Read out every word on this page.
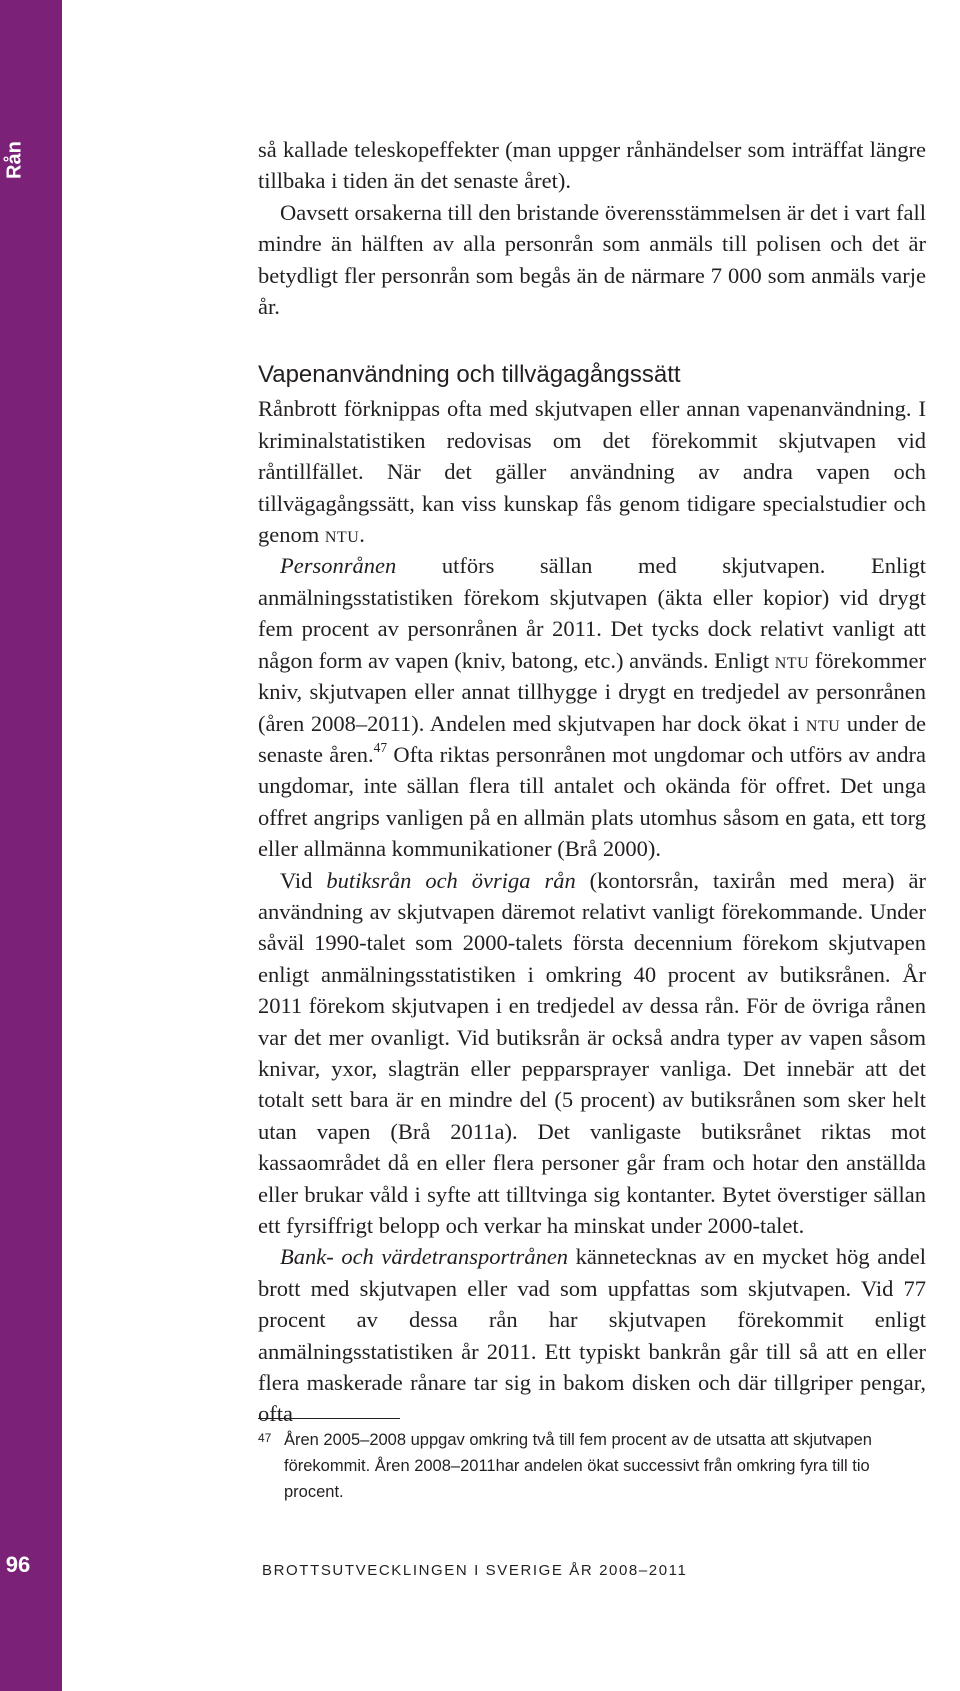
Rån
96

så kallade teleskopeffekter (man uppger rånhändelser som inträffat längre tillbaka i tiden än det senaste året).

Oavsett orsakerna till den bristande överensstämmelsen är det i vart fall mindre än hälften av alla personrån som anmäls till polisen och det är betydligt fler personrån som begås än de närmare 7 000 som anmäls varje år.

Vapenanvändning och tillvägagångssätt

Rånbrott förknippas ofta med skjutvapen eller annan vapenanvändning. I kriminalstatistiken redovisas om det förekommit skjutvapen vid råntillfället. När det gäller användning av andra vapen och tillvägagångssätt, kan viss kunskap fås genom tidigare specialstudier och genom ntu.

Personrånen utförs sällan med skjutvapen. Enligt anmälningsstatistiken förekom skjutvapen (äkta eller kopior) vid drygt fem procent av personrånen år 2011. Det tycks dock relativt vanligt att någon form av vapen (kniv, batong, etc.) används. Enligt ntu förekommer kniv, skjutvapen eller annat tillhygge i drygt en tredjedel av personrånen (åren 2008–2011). Andelen med skjutvapen har dock ökat i ntu under de senaste åren.$^{47}$ Ofta riktas personrånen mot ungdomar och utförs av andra ungdomar, inte sällan flera till antalet och okända för offret. Det unga offret angrips vanligen på en allmän plats utomhus såsom en gata, ett torg eller allmänna kommunikationer (Brå 2000).

Vid butiksrån och övriga rån (kontorsrån, taxirån med mera) är användning av skjutvapen däremot relativt vanligt förekommande. Under såväl 1990-talet som 2000-talets första decennium förekom skjutvapen enligt anmälningsstatistiken i omkring 40 procent av butiksrånen. År 2011 förekom skjutvapen i en tredjedel av dessa rån. För de övriga rånen var det mer ovanligt. Vid butiksrån är också andra typer av vapen såsom knivar, yxor, slagträn eller pepparsprayer vanliga. Det innebär att det totalt sett bara är en mindre del (5 procent) av butiksrånen som sker helt utan vapen (Brå 2011a). Det vanligaste butiksrånet riktas mot kassaområdet då en eller flera personer går fram och hotar den anställda eller brukar våld i syfte att tilltvinga sig kontanter. Bytet överstiger sällan ett fyrsiffrigt belopp och verkar ha minskat under 2000-talet.

Bank- och värdetransportrånen kännetecknas av en mycket hög andel brott med skjutvapen eller vad som uppfattas som skjutvapen. Vid 77 procent av dessa rån har skjutvapen förekommit enligt anmälningsstatistiken år 2011. Ett typiskt bankrån går till så att en eller flera maskerade rånare tar sig in bakom disken och där tillgriper pengar, ofta

47 Åren 2005–2008 uppgav omkring två till fem procent av de utsatta att skjutvapen förekommit. Åren 2008–2011har andelen ökat successivt från omkring fyra till tio procent.
BROTTSUTVECKLINGEN I SVERIGE ÅR 2008–2011
